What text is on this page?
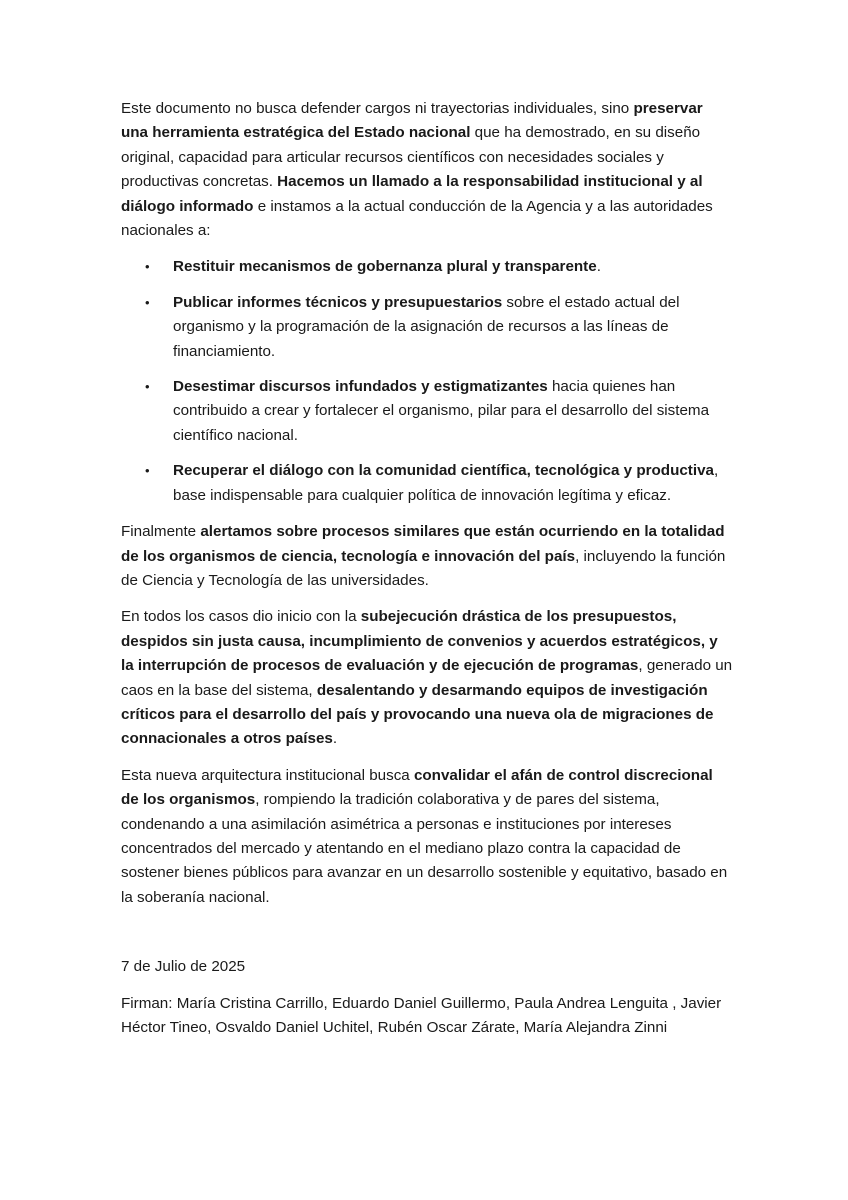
Este documento no busca defender cargos ni trayectorias individuales, sino preservar una herramienta estratégica del Estado nacional que ha demostrado, en su diseño original, capacidad para articular recursos científicos con necesidades sociales y productivas concretas. Hacemos un llamado a la responsabilidad institucional y al diálogo informado e instamos a la actual conducción de la Agencia y a las autoridades nacionales a:

• Restituir mecanismos de gobernanza plural y transparente.
• Publicar informes técnicos y presupuestarios sobre el estado actual del organismo y la programación de la asignación de recursos a las líneas de financiamiento.
• Desestimar discursos infundados y estigmatizantes hacia quienes han contribuido a crear y fortalecer el organismo, pilar para el desarrollo del sistema científico nacional.
• Recuperar el diálogo con la comunidad científica, tecnológica y productiva, base indispensable para cualquier política de innovación legítima y eficaz.

Finalmente alertamos sobre procesos similares que están ocurriendo en la totalidad de los organismos de ciencia, tecnología e innovación del país, incluyendo la función de Ciencia y Tecnología de las universidades.

En todos los casos dio inicio con la subejecución drástica de los presupuestos, despidos sin justa causa, incumplimiento de convenios y acuerdos estratégicos, y la interrupción de procesos de evaluación y de ejecución de programas, generado un caos en la base del sistema, desalentando y desarmando equipos de investigación críticos para el desarrollo del país y provocando una nueva ola de migraciones de connacionales a otros países.

Esta nueva arquitectura institucional busca convalidar el afán de control discrecional de los organismos, rompiendo la tradición colaborativa y de pares del sistema, condenando a una asimilación asimétrica a personas e instituciones por intereses concentrados del mercado y atentando en el mediano plazo contra la capacidad de sostener bienes públicos para avanzar en un desarrollo sostenible y equitativo, basado en la soberanía nacional.

7 de Julio de 2025

Firman: María Cristina Carrillo, Eduardo Daniel Guillermo, Paula Andrea Lenguita , Javier Héctor Tineo, Osvaldo Daniel Uchitel, Rubén Oscar Zárate, María Alejandra Zinni
